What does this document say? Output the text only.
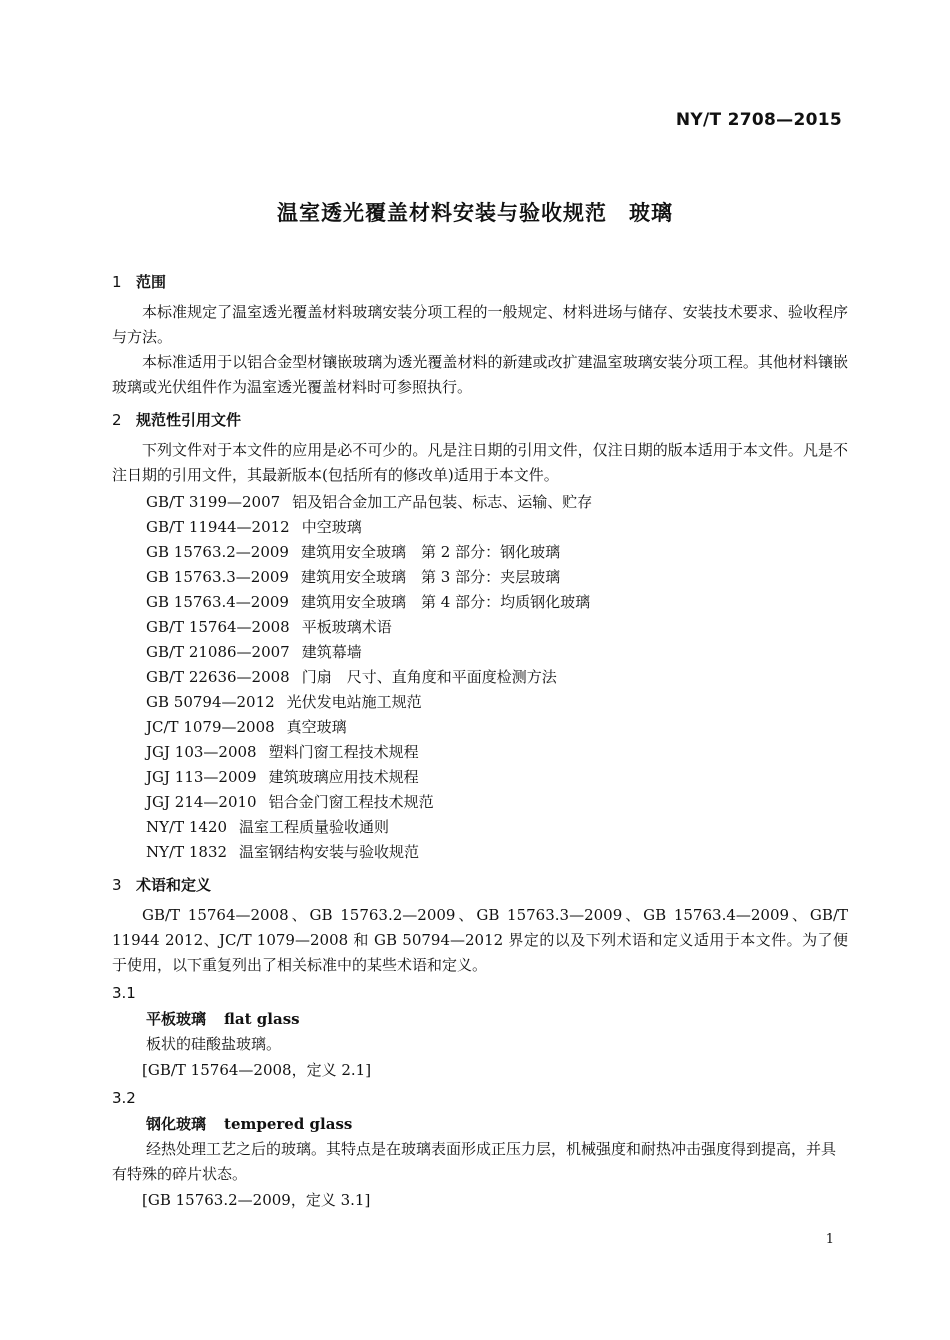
NY/T 2708—2015
温室透光覆盖材料安装与验收规范　玻璃
1 范围

本标准规定了温室透光覆盖材料玻璃安装分项工程的一般规定、材料进场与储存、安装技术要求、验收程序与方法。

本标准适用于以铝合金型材镶嵌玻璃为透光覆盖材料的新建或改扩建温室玻璃安装分项工程。其他材料镶嵌玻璃或光伏组件作为温室透光覆盖材料时可参照执行。

2 规范性引用文件

下列文件对于本文件的应用是必不可少的。凡是注日期的引用文件，仅注日期的版本适用于本文件。凡是不注日期的引用文件，其最新版本(包括所有的修改单)适用于本文件。

GB/T 3199—2007 铝及铝合金加工产品包装、标志、运输、贮存
GB/T 11944—2012 中空玻璃
GB 15763.2—2009 建筑用安全玻璃　第 2 部分：钢化玻璃
GB 15763.3—2009 建筑用安全玻璃　第 3 部分：夹层玻璃
GB 15763.4—2009 建筑用安全玻璃　第 4 部分：均质钢化玻璃
GB/T 15764—2008 平板玻璃术语
GB/T 21086—2007 建筑幕墙
GB/T 22636—2008 门扇　尺寸、直角度和平面度检测方法
GB 50794—2012 光伏发电站施工规范
JC/T 1079—2008 真空玻璃
JGJ 103—2008 塑料门窗工程技术规程
JGJ 113—2009 建筑玻璃应用技术规程
JGJ 214—2010 铝合金门窗工程技术规范
NY/T 1420 温室工程质量验收通则
NY/T 1832 温室钢结构安装与验收规范
3 术语和定义

GB/T 15764—2008、GB 15763.2—2009、GB 15763.3—2009、GB 15763.4—2009、GB/T 11944 2012、JC/T 1079—2008 和 GB 50794—2012 界定的以及下列术语和定义适用于本文件。为了便于使用，以下重复列出了相关标准中的某些术语和定义。

3.1
平板玻璃 flat glass

板状的硅酸盐玻璃。

[GB/T 15764—2008，定义 2.1]
3.2
钢化玻璃 tempered glass

经热处理工艺之后的玻璃。其特点是在玻璃表面形成正压力层，机械强度和耐热冲击强度得到提高，并具有特殊的碎片状态。

[GB 15763.2—2009，定义 3.1]
1
